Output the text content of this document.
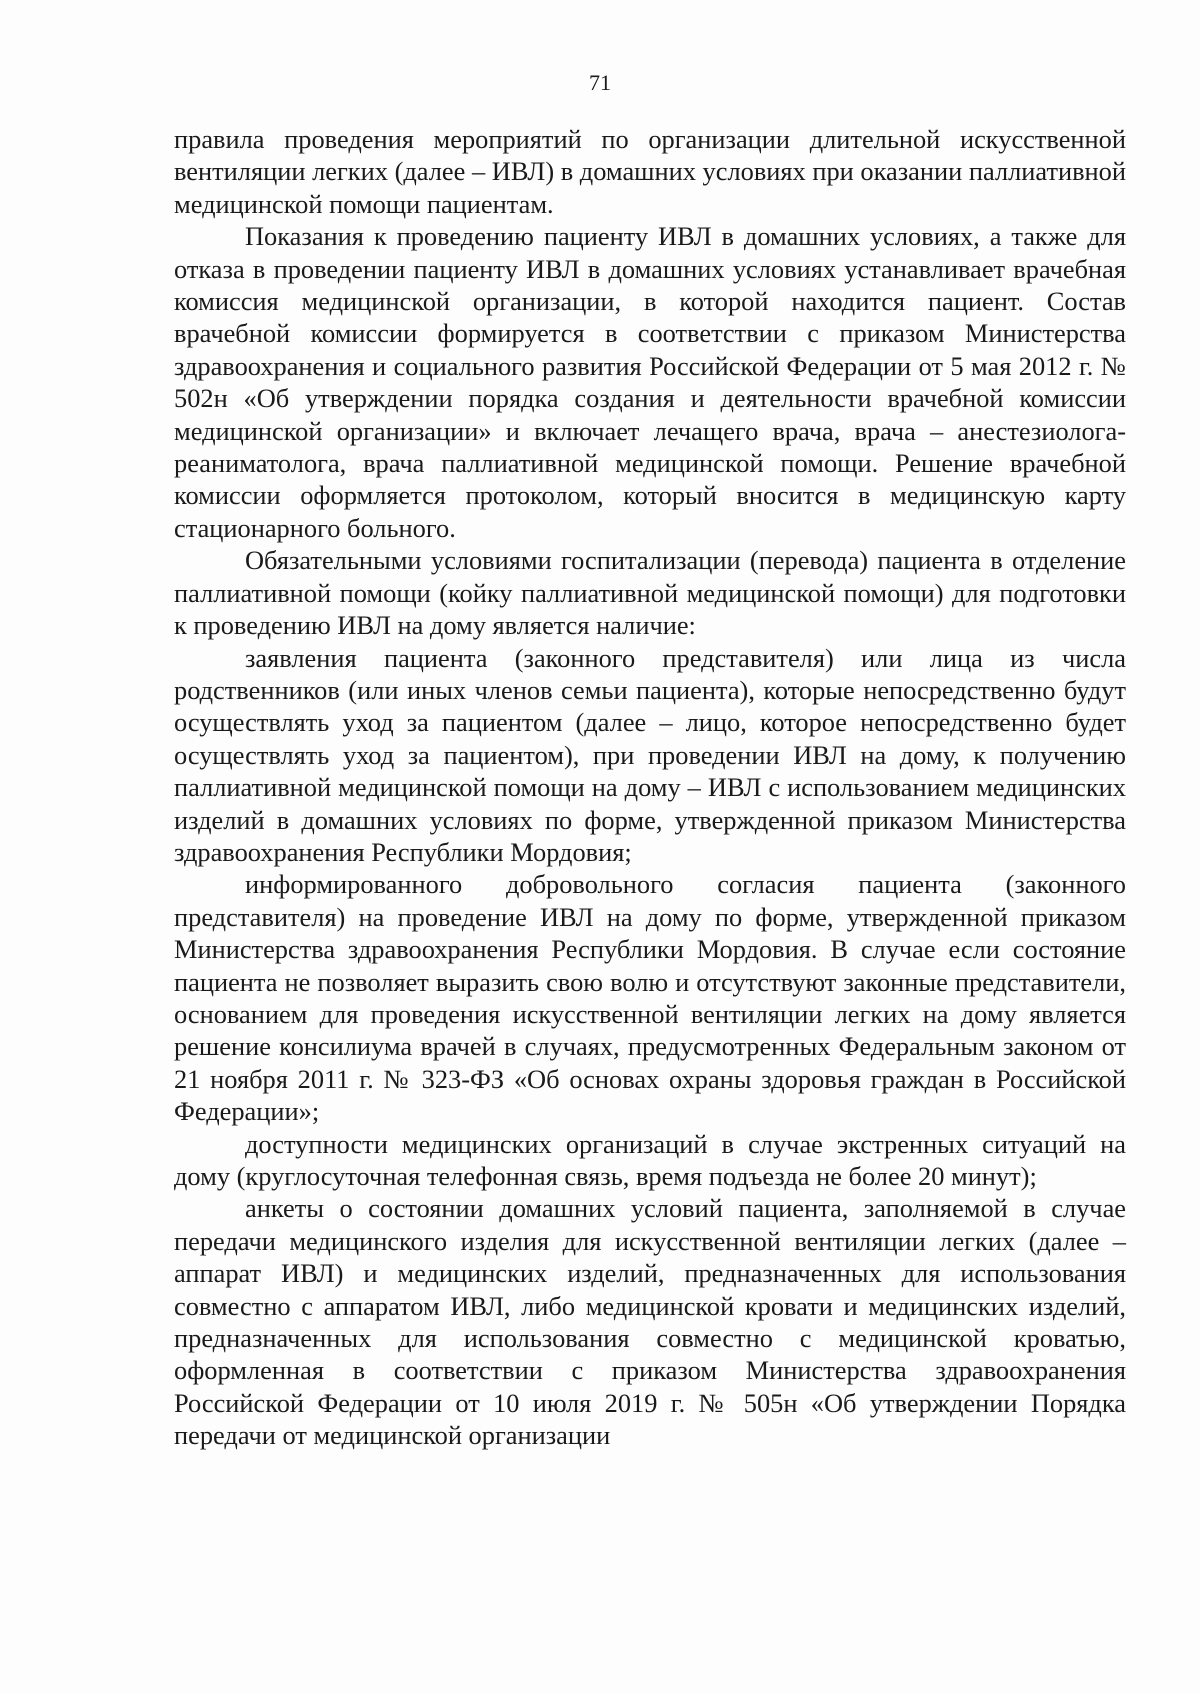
71

правила проведения мероприятий по организации длительной искусственной вентиляции легких (далее – ИВЛ) в домашних условиях при оказании паллиативной медицинской помощи пациентам.

Показания к проведению пациенту ИВЛ в домашних условиях, а также для отказа в проведении пациенту ИВЛ в домашних условиях устанавливает врачебная комиссия медицинской организации, в которой находится пациент. Состав врачебной комиссии формируется в соответствии с приказом Министерства здравоохранения и социального развития Российской Федерации от 5 мая 2012 г. № 502н «Об утверждении порядка создания и деятельности врачебной комиссии медицинской организации» и включает лечащего врача, врача – анестезиолога-реаниматолога, врача паллиативной медицинской помощи. Решение врачебной комиссии оформляется протоколом, который вносится в медицинскую карту стационарного больного.

Обязательными условиями госпитализации (перевода) пациента в отделение паллиативной помощи (койку паллиативной медицинской помощи) для подготовки к проведению ИВЛ на дому является наличие:

заявления пациента (законного представителя) или лица из числа родственников (или иных членов семьи пациента), которые непосредственно будут осуществлять уход за пациентом (далее – лицо, которое непосредственно будет осуществлять уход за пациентом), при проведении ИВЛ на дому, к получению паллиативной медицинской помощи на дому – ИВЛ с использованием медицинских изделий в домашних условиях по форме, утвержденной приказом Министерства здравоохранения Республики Мордовия;

информированного добровольного согласия пациента (законного представителя) на проведение ИВЛ на дому по форме, утвержденной приказом Министерства здравоохранения Республики Мордовия. В случае если состояние пациента не позволяет выразить свою волю и отсутствуют законные представители, основанием для проведения искусственной вентиляции легких на дому является решение консилиума врачей в случаях, предусмотренных Федеральным законом от 21 ноября 2011 г. № 323-ФЗ «Об основах охраны здоровья граждан в Российской Федерации»;

доступности медицинских организаций в случае экстренных ситуаций на дому (круглосуточная телефонная связь, время подъезда не более 20 минут);

анкеты о состоянии домашних условий пациента, заполняемой в случае передачи медицинского изделия для искусственной вентиляции легких (далее – аппарат ИВЛ) и медицинских изделий, предназначенных для использования совместно с аппаратом ИВЛ, либо медицинской кровати и медицинских изделий, предназначенных для использования совместно с медицинской кроватью, оформленная в соответствии с приказом Министерства здравоохранения Российской Федерации от 10 июля 2019 г. № 505н «Об утверждении Порядка передачи от медицинской организации
